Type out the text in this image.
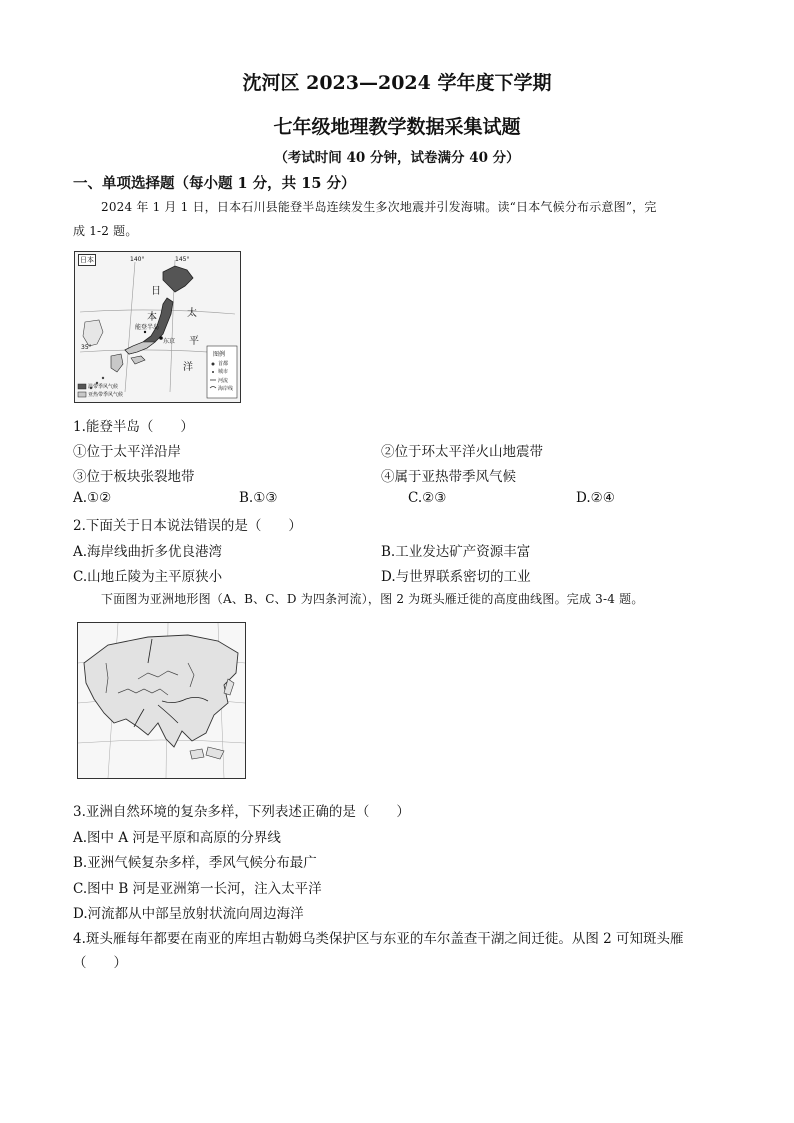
沈河区 2023—2024 学年度下学期
七年级地理教学数据采集试题
（考试时间 40 分钟，试卷满分 40 分）
一、单项选择题（每小题 1 分，共 15 分）
2024 年 1 月 1 日，日本石川县能登半岛连续发生多次地震并引发海啸。读“日本气候分布示意图”，完
成 1-2 题。
日本
日
本	太
平
洋
能登半岛
东京
140°	145°
35°
图例
首都
城市
河流
海岸线
温带季风气候
亚热带季风气候
1.能登半岛（　　）
①位于太平洋沿岸	②位于环太平洋火山地震带
③位于板块张裂地带	④属于亚热带季风气候
A.①②	B.①③	C.②③	D.②④
2.下面关于日本说法错误的是（　　）
A.海岸线曲折多优良港湾	B.工业发达矿产资源丰富
C.山地丘陵为主平原狭小	D.与世界联系密切的工业
下面图为亚洲地形图（A、B、C、D 为四条河流），图 2 为斑头雁迁徙的高度曲线图。完成 3-4 题。
3.亚洲自然环境的复杂多样，下列表述正确的是（　　）
A.图中 A 河是平原和高原的分界线
B.亚洲气候复杂多样，季风气候分布最广
C.图中 B 河是亚洲第一长河，注入太平洋
D.河流都从中部呈放射状流向周边海洋
4.斑头雁每年都要在南亚的库坦古勒姆乌类保护区与东亚的车尔盖查干湖之间迁徙。从图 2 可知斑头雁
（　　）
